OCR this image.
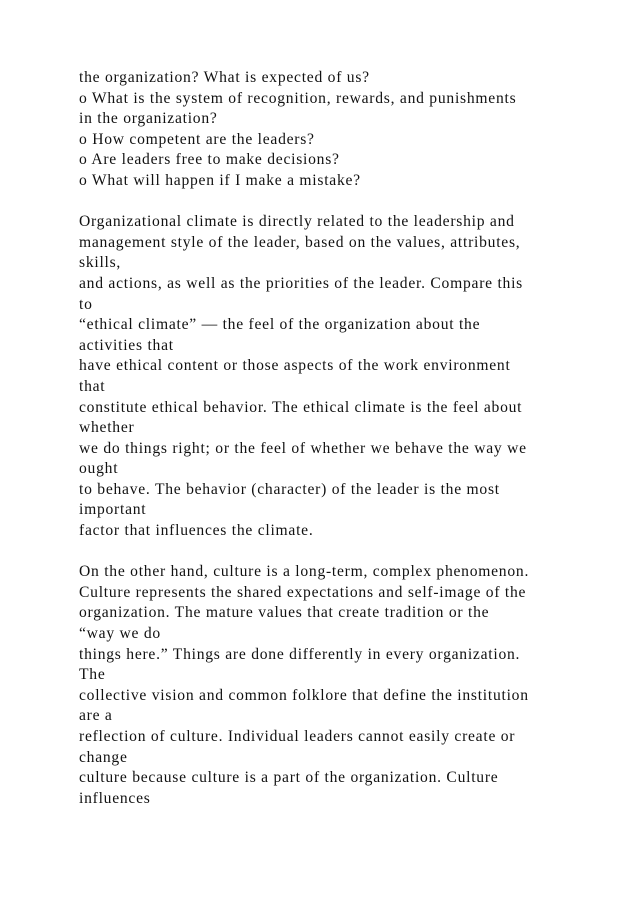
the organization? What is expected of us?
o What is the system of recognition, rewards, and punishments
in the organization?
o How competent are the leaders?
o Are leaders free to make decisions?
o What will happen if I make a mistake?
Organizational climate is directly related to the leadership and
management style of the leader, based on the values, attributes,
skills,
and actions, as well as the priorities of the leader. Compare this
to
“ethical climate” — the feel of the organization about the
activities that
have ethical content or those aspects of the work environment
that
constitute ethical behavior. The ethical climate is the feel about
whether
we do things right; or the feel of whether we behave the way we
ought
to behave. The behavior (character) of the leader is the most
important
factor that influences the climate.
On the other hand, culture is a long-term, complex phenomenon.
Culture represents the shared expectations and self-image of the
organization. The mature values that create tradition or the
“way we do
things here.” Things are done differently in every organization.
The
collective vision and common folklore that define the institution
are a
reflection of culture. Individual leaders cannot easily create or
change
culture because culture is a part of the organization. Culture
influences
